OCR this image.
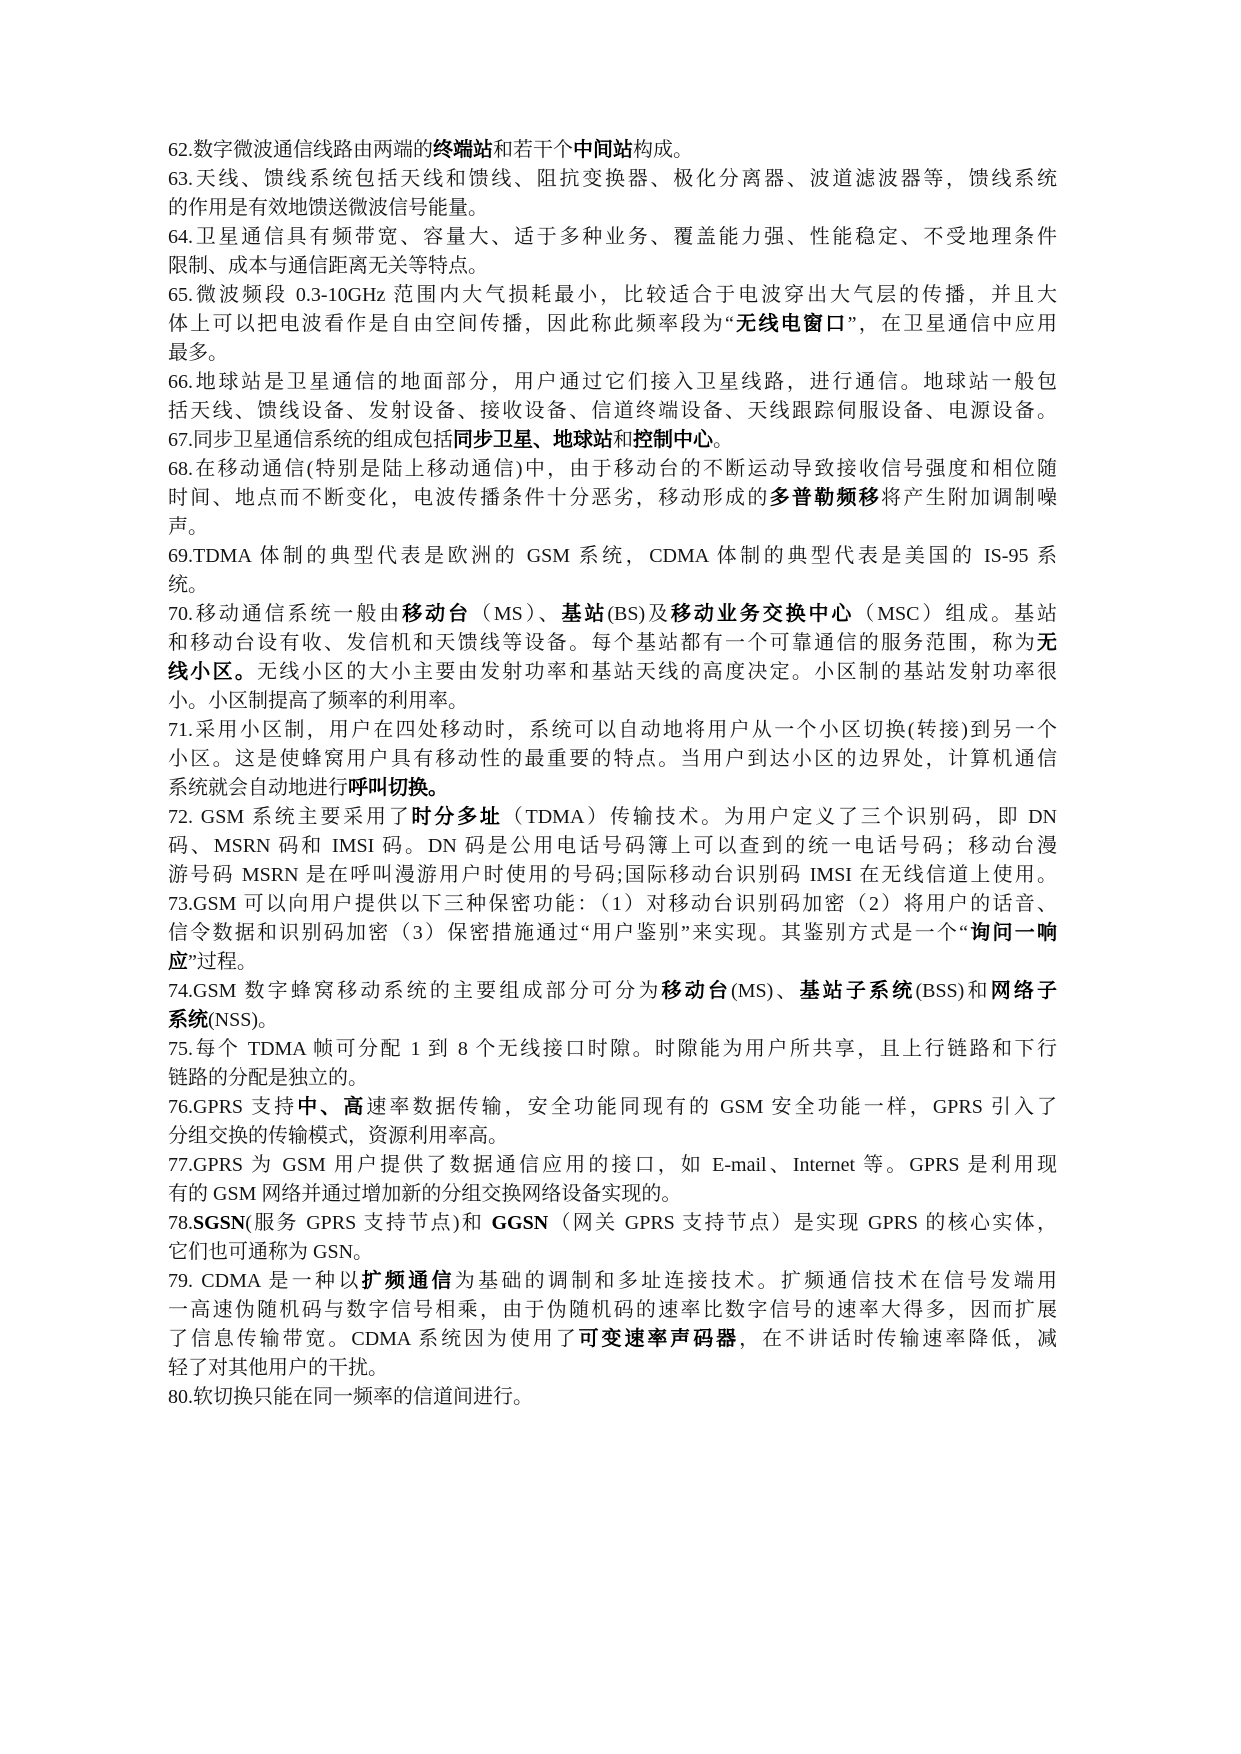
62.数字微波通信线路由两端的终端站和若干个中间站构成。
63.天线、馈线系统包括天线和馈线、阻抗变换器、极化分离器、波道滤波器等，馈线系统
的作用是有效地馈送微波信号能量。
64.卫星通信具有频带宽、容量大、适于多种业务、覆盖能力强、性能稳定、不受地理条件
限制、成本与通信距离无关等特点。
65.微波频段 0.3-10GHz 范围内大气损耗最小，比较适合于电波穿出大气层的传播，并且大
体上可以把电波看作是自由空间传播，因此称此频率段为“无线电窗口”，在卫星通信中应用
最多。
66.地球站是卫星通信的地面部分，用户通过它们接入卫星线路，进行通信。地球站一般包
括天线、馈线设备、发射设备、接收设备、信道终端设备、天线跟踪伺服设备、电源设备。
67.同步卫星通信系统的组成包括同步卫星、地球站和控制中心。
68.在移动通信(特别是陆上移动通信)中，由于移动台的不断运动导致接收信号强度和相位随
时间、地点而不断变化，电波传播条件十分恶劣，移动形成的多普勒频移将产生附加调制噪
声。
69.TDMA 体制的典型代表是欧洲的 GSM 系统，CDMA 体制的典型代表是美国的 IS-95 系
统。
70.移动通信系统一般由移动台（MS）、基站(BS)及移动业务交换中心（MSC）组成。基站
和移动台设有收、发信机和天馈线等设备。每个基站都有一个可靠通信的服务范围，称为无
线小区。无线小区的大小主要由发射功率和基站天线的高度决定。小区制的基站发射功率很
小。小区制提高了频率的利用率。
71.采用小区制，用户在四处移动时，系统可以自动地将用户从一个小区切换(转接)到另一个
小区。这是使蜂窝用户具有移动性的最重要的特点。当用户到达小区的边界处，计算机通信
系统就会自动地进行呼叫切换。
72. GSM 系统主要采用了时分多址（TDMA）传输技术。为用户定义了三个识别码，即 DN
码、MSRN 码和 IMSI 码。DN 码是公用电话号码簿上可以查到的统一电话号码；移动台漫
游号码 MSRN 是在呼叫漫游用户时使用的号码;国际移动台识别码 IMSI 在无线信道上使用。
73.GSM 可以向用户提供以下三种保密功能：（1）对移动台识别码加密（2）将用户的话音、
信令数据和识别码加密（3）保密措施通过“用户鉴别”来实现。其鉴别方式是一个“询问一响
应”过程。
74.GSM 数字蜂窝移动系统的主要组成部分可分为移动台(MS)、基站子系统(BSS)和网络子
系统(NSS)。
75.每个 TDMA 帧可分配 1 到 8 个无线接口时隙。时隙能为用户所共享，且上行链路和下行
链路的分配是独立的。
76.GPRS 支持中、高速率数据传输，安全功能同现有的 GSM 安全功能一样，GPRS 引入了
分组交换的传输模式，资源利用率高。
77.GPRS 为 GSM 用户提供了数据通信应用的接口，如 E-mail、Internet 等。GPRS 是利用现
有的 GSM 网络并通过增加新的分组交换网络设备实现的。
78.SGSN(服务 GPRS 支持节点)和 GGSN（网关 GPRS 支持节点）是实现 GPRS 的核心实体，
它们也可通称为 GSN。
79. CDMA 是一种以扩频通信为基础的调制和多址连接技术。扩频通信技术在信号发端用
一高速伪随机码与数字信号相乘，由于伪随机码的速率比数字信号的速率大得多，因而扩展
了信息传输带宽。CDMA 系统因为使用了可变速率声码器，在不讲话时传输速率降低，减
轻了对其他用户的干扰。
80.软切换只能在同一频率的信道间进行。
